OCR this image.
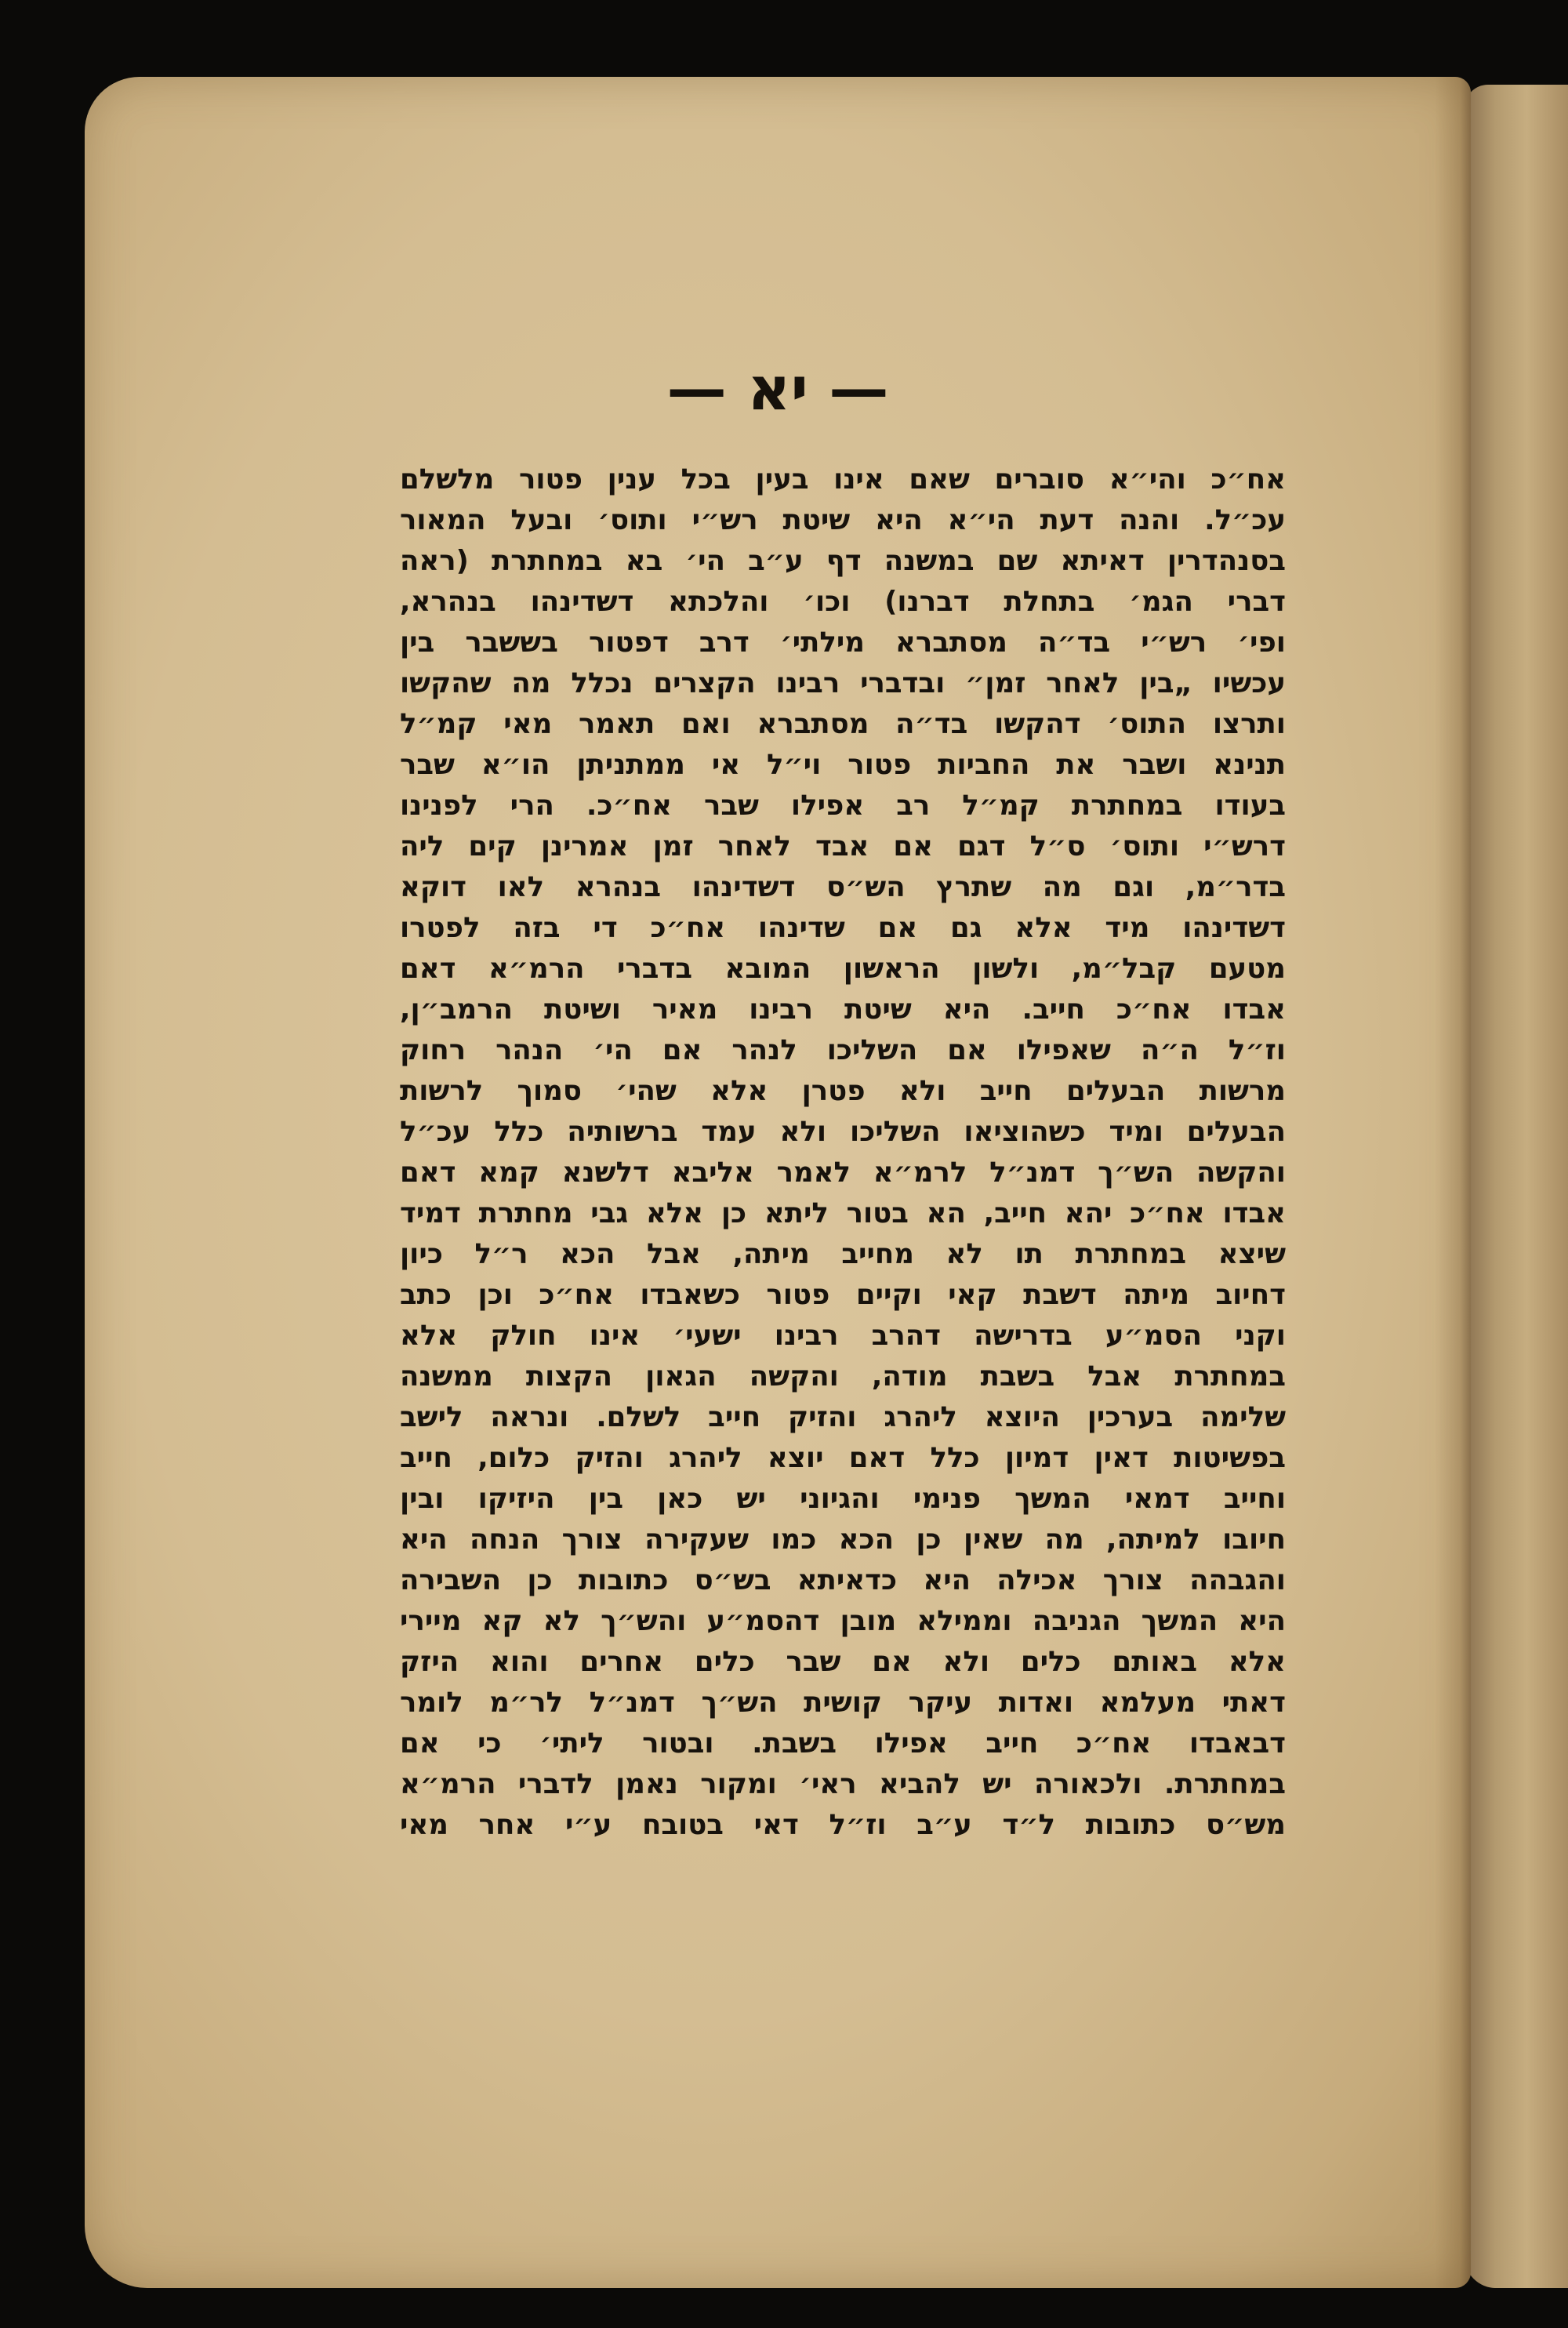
— יא —
אח״כ והי״א סוברים שאם אינו בעין בכל ענין פטור מלשלם
עכ״ל. והנה דעת הי״א היא שיטת רש״י ותוס׳ ובעל המאור
בסנהדרין דאיתא שם במשנה דף ע״ב הי׳ בא במחתרת (ראה
דברי הגמ׳ בתחלת דברנו) וכו׳ והלכתא דשדינהו בנהרא,
ופי׳ רש״י בד״ה מסתברא מילתי׳ דרב דפטור בששבר בין
עכשיו „בין לאחר זמן״ ובדברי רבינו הקצרים נכלל מה שהקשו
ותרצו התוס׳ דהקשו בד״ה מסתברא ואם תאמר מאי קמ״ל
תנינא ושבר את החביות פטור וי״ל אי ממתניתן הו״א שבר
בעודו במחתרת קמ״ל רב אפילו שבר אח״כ. הרי לפנינו
דרש״י ותוס׳ ס״ל דגם אם אבד לאחר זמן אמרינן קים ליה
בדר״מ, וגם מה שתרץ הש״ס דשדינהו בנהרא לאו דוקא
דשדינהו מיד אלא גם אם שדינהו אח״כ די בזה לפטרו
מטעם קבל״מ, ולשון הראשון המובא בדברי הרמ״א דאם
אבדו אח״כ חייב. היא שיטת רבינו מאיר ושיטת הרמב״ן,
וז״ל ה״ה שאפילו אם השליכו לנהר אם הי׳ הנהר רחוק
מרשות הבעלים חייב ולא פטרן אלא שהי׳ סמוך לרשות
הבעלים ומיד כשהוציאו השליכו ולא עמד ברשותיה כלל עכ״ל
והקשה הש״ך דמנ״ל לרמ״א לאמר אליבא דלשנא קמא דאם
אבדו אח״כ יהא חייב, הא בטור ליתא כן אלא גבי מחתרת דמיד
שיצא במחתרת תו לא מחייב מיתה, אבל הכא ר״ל כיון
דחיוב מיתה דשבת קאי וקיים פטור כשאבדו אח״כ וכן כתב
וקני הסמ״ע בדרישה דהרב רבינו ישעי׳ אינו חולק אלא
במחתרת אבל בשבת מודה, והקשה הגאון הקצות ממשנה
שלימה בערכין היוצא ליהרג והזיק חייב לשלם. ונראה לישב
בפשיטות דאין דמיון כלל דאם יוצא ליהרג והזיק כלום, חייב
וחייב דמאי המשך פנימי והגיוני יש כאן בין היזיקו ובין
חיובו למיתה, מה שאין כן הכא כמו שעקירה צורך הנחה היא
והגבהה צורך אכילה היא כדאיתא בש״ס כתובות כן השבירה
היא המשך הגניבה וממילא מובן דהסמ״ע והש״ך לא קא מיירי
אלא באותם כלים ולא אם שבר כלים אחרים והוא היזק
דאתי מעלמא ואדות עיקר קושית הש״ך דמנ״ל לר״מ לומר
דבאבדו אח״כ חייב אפילו בשבת. ובטור ליתי׳ כי אם
במחתרת. ולכאורה יש להביא ראי׳ ומקור נאמן לדברי הרמ״א
מש״ס כתובות ל״ד ע״ב וז״ל דאי בטובח ע״י אחר מאי
